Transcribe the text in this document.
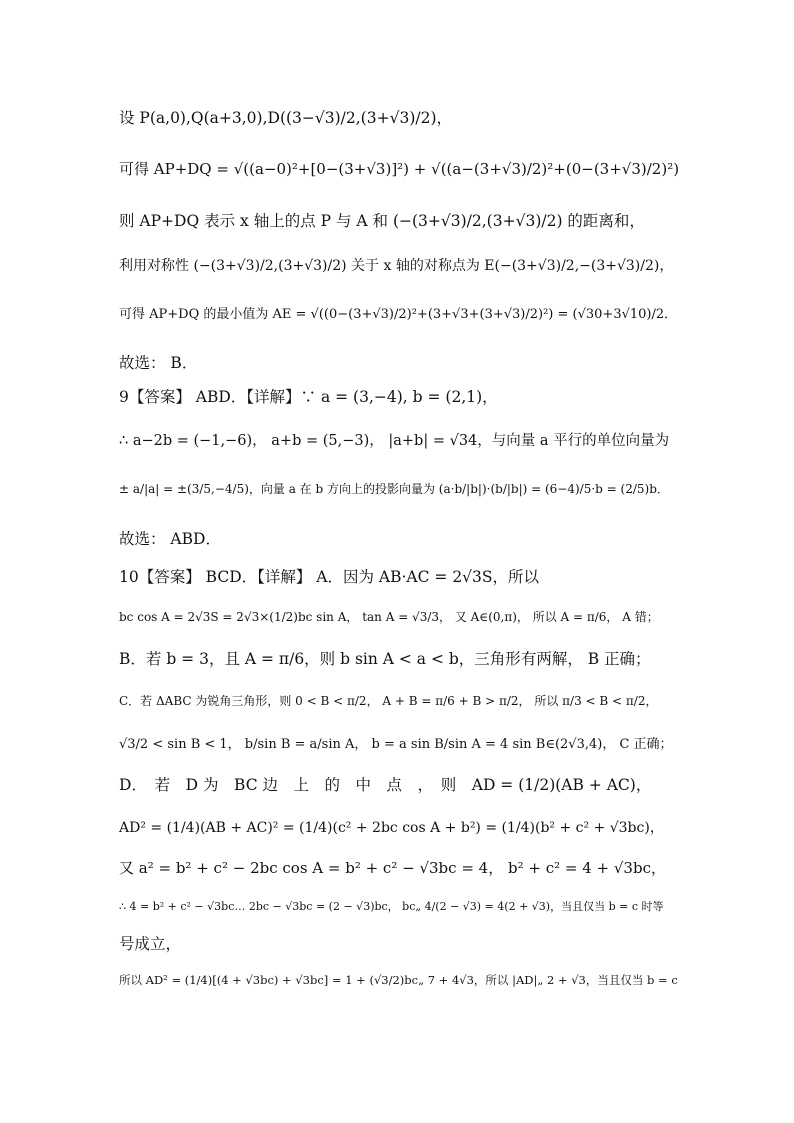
设 P(a,0),Q(a+3,0),D((3−√3)/2,(3+√3)/2)，
可得 AP+DQ = √((a−0)²+[0−(3+√3)]²) + √((a−(3+√3)/2)²+(0−(3+√3)/2)²)
则 AP+DQ 表示 x 轴上的点 P 与 A 和 (−(3+√3)/2,(3+√3)/2) 的距离和，
利用对称性 (−(3+√3)/2,(3+√3)/2) 关于 x 轴的对称点为 E(−(3+√3)/2,−(3+√3)/2)，
可得 AP+DQ 的最小值为 AE = √((0−(3+√3)/2)²+(3+√3+(3+√3)/2)²) = (√30+3√10)/2．
故选： B．
9【答案】 ABD．【详解】∵ a = (3,−4), b = (2,1)，
∴ a−2b = (−1,−6)， a+b = (5,−3)， |a+b| = √34，与向量 a 平行的单位向量为
± a/|a| = ±(3/5,−4/5)，向量 a 在 b 方向上的投影向量为 (a·b/|b|)·(b/|b|) = (6−4)/5·b = (2/5)b．
故选： ABD．
10【答案】 BCD．【详解】 A．因为 AB·AC = 2√3S，所以
bc cos A = 2√3S = 2√3×(1/2)bc sin A， tan A = √3/3， 又 A∈(0,π)， 所以 A = π/6， A 错；
B．若 b = 3，且 A = π/6，则 b sin A < a < b，三角形有两解， B 正确；
C．若 ΔABC 为锐角三角形，则 0 < B < π/2， A + B = π/6 + B > π/2， 所以 π/3 < B < π/2，
√3/2 < sin B < 1， b/sin B = a/sin A， b = a sin B/sin A = 4 sin B∈(2√3,4)， C 正确；
D．　若　D 为　BC 边　上　的　中　点　，　则　AD = (1/2)(AB + AC)，
AD² = (1/4)(AB + AC)² = (1/4)(c² + 2bc cos A + b²) = (1/4)(b² + c² + √3bc)，
又 a² = b² + c² − 2bc cos A = b² + c² − √3bc = 4， b² + c² = 4 + √3bc，
∴ 4 = b² + c² − √3bc… 2bc − √3bc = (2 − √3)bc， bc„ 4/(2 − √3) = 4(2 + √3)，当且仅当 b = c 时等
号成立，
所以 AD² = (1/4)[(4 + √3bc) + √3bc] = 1 + (√3/2)bc„ 7 + 4√3，所以 |AD|„ 2 + √3，当且仅当 b = c
